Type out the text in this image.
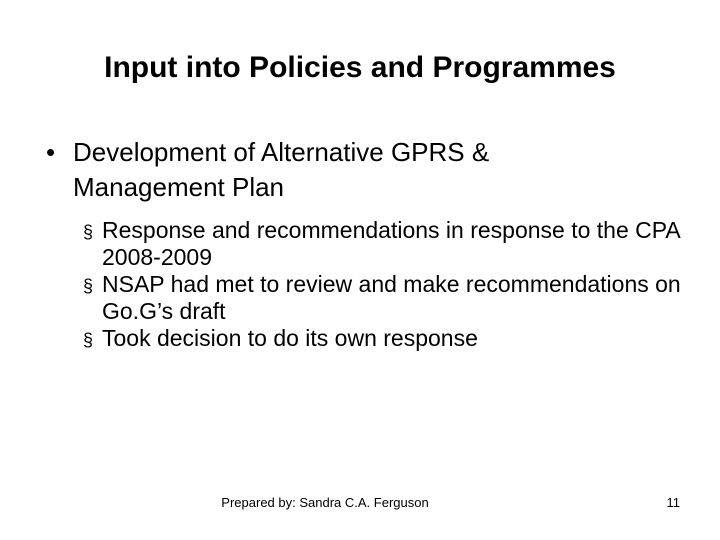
Input into Policies and Programmes
• Development of Alternative GPRS & Management Plan
§ Response and recommendations in response to the CPA 2008-2009
§ NSAP had met to review and make recommendations on Go.G’s draft
§ Took decision to do its own response
Prepared by: Sandra C.A. Ferguson	11
